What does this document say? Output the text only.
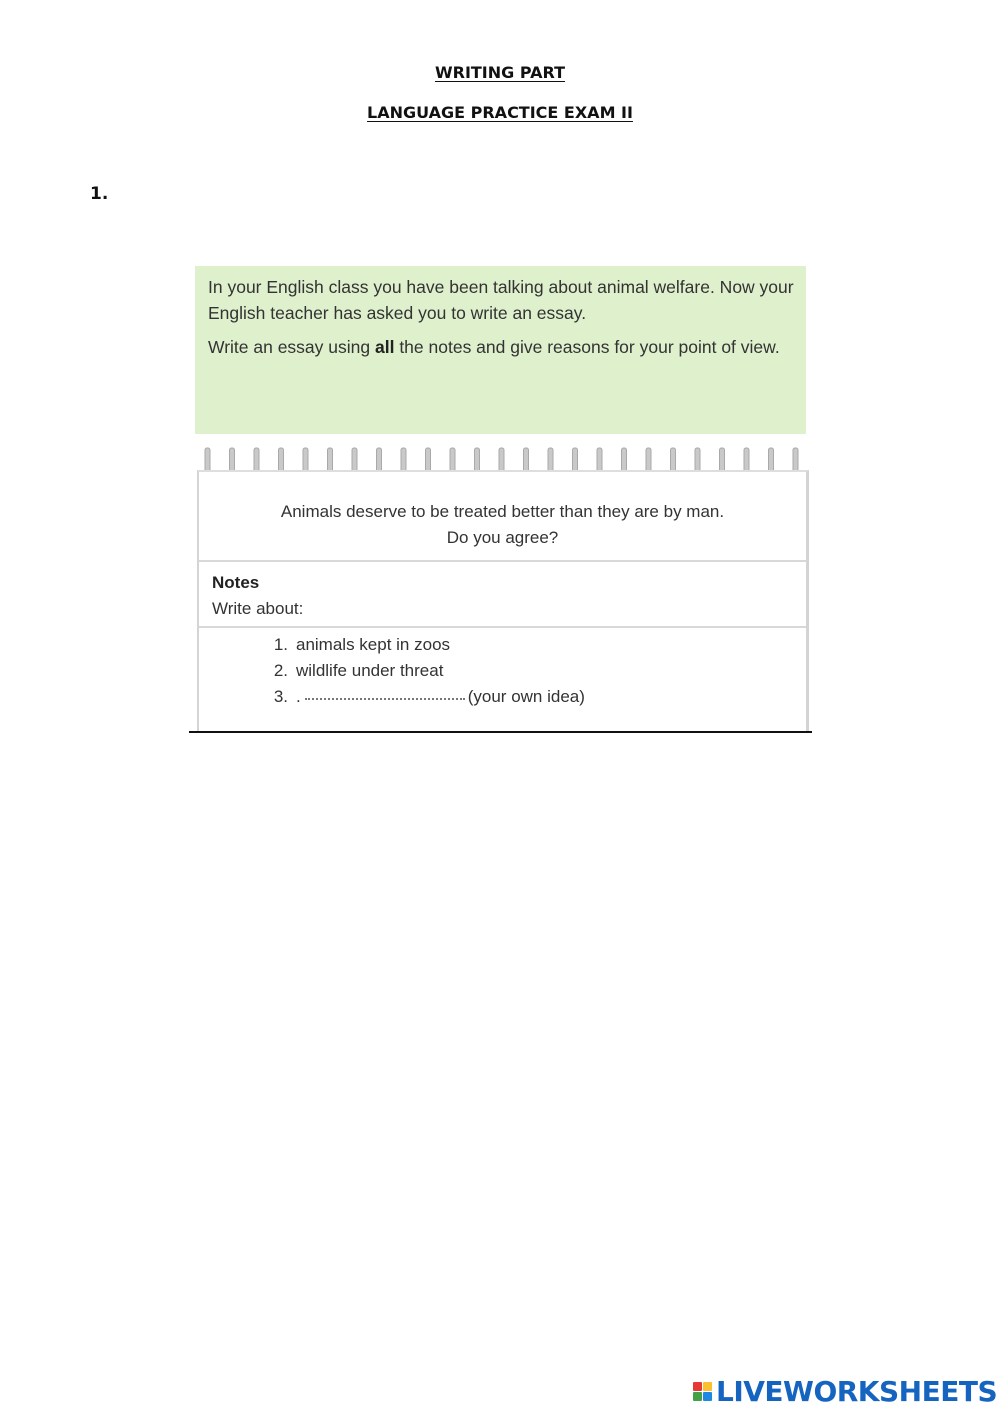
WRITING PART
LANGUAGE PRACTICE EXAM II
1.

In your English class you have been talking about animal welfare. Now your English teacher has asked you to write an essay.

Write an essay using all the notes and give reasons for your point of view.

Animals deserve to be treated better than they are by man.
Do you agree?
Notes
Write about:
1. animals kept in zoos
2. wildlife under threat
3. .	(your own idea)
LIVEWORKSHEETS
